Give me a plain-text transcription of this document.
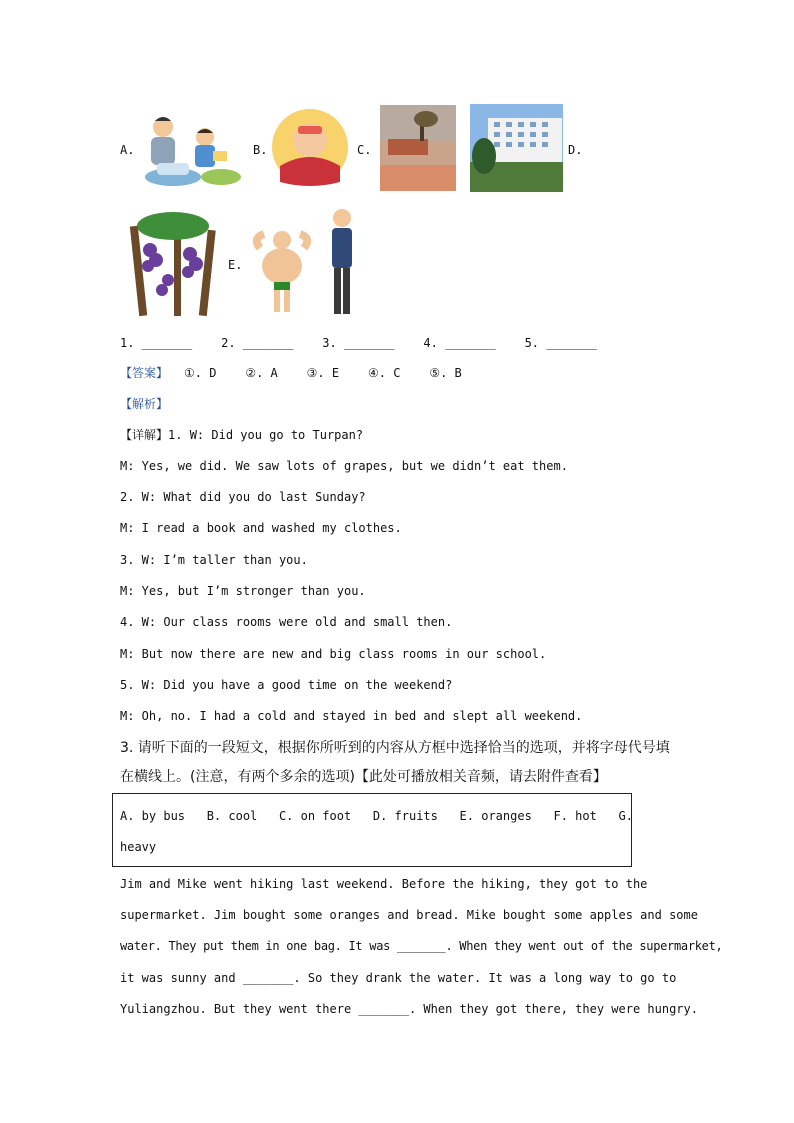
A.	B.	C.	D.
E.
1. _______    2. _______    3. _______    4. _______    5. _______
【答案】 ①. D    ②. A    ③. E    ④. C    ⑤. B
【解析】
【详解】1. W: Did you go to Turpan?
M: Yes, we did. We saw lots of grapes, but we didn’t eat them.
2. W: What did you do last Sunday?
M: I read a book and washed my clothes.
3. W: I’m taller than you.
M: Yes, but I’m stronger than you.
4. W: Our class rooms were old and small then.
M: But now there are new and big class rooms in our school.
5. W: Did you have a good time on the weekend?
M: Oh, no. I had a cold and stayed in bed and slept all weekend.
3. 请听下面的一段短文，根据你所听到的内容从方框中选择恰当的选项，并将字母代号填
在横线上。(注意，有两个多余的选项)【此处可播放相关音频，请去附件查看】
A. by bus   B. cool   C. on foot   D. fruits   E. oranges   F. hot   G.
heavy
Jim and Mike went hiking last weekend. Before the hiking, they got to the
supermarket. Jim bought some oranges and bread. Mike bought some apples and some
water. They put them in one bag. It was _______. When they went out of the supermarket,
it was sunny and _______. So they drank the water. It was a long way to go to
Yuliangzhou. But they went there _______. When they got there, they were hungry.
